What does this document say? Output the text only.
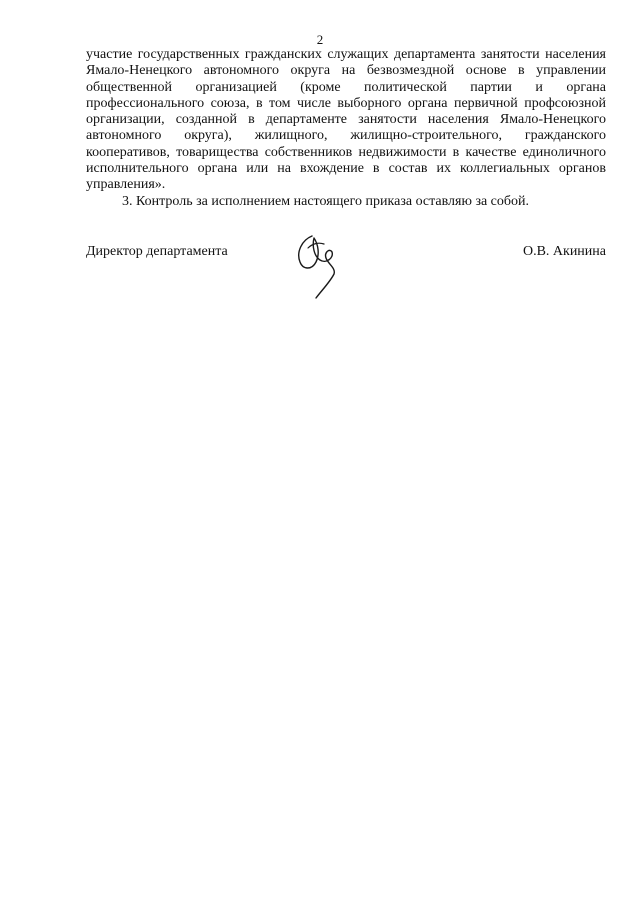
2

участие государственных гражданских служащих департамента занятости населения Ямало-Ненецкого автономного округа на безвозмездной основе в управлении общественной организацией (кроме политической партии и органа профессионального союза, в том числе выборного органа первичной профсоюзной организации, созданной в департаменте занятости населения Ямало-Ненецкого автономного округа), жилищного, жилищно-строительного, гражданского кооперативов, товарищества собственников недвижимости в качестве единоличного исполнительного органа или на вхождение в состав их коллегиальных органов управления».

3. Контроль за исполнением настоящего приказа оставляю за собой.

Директор департамента	О.В. Акинина
